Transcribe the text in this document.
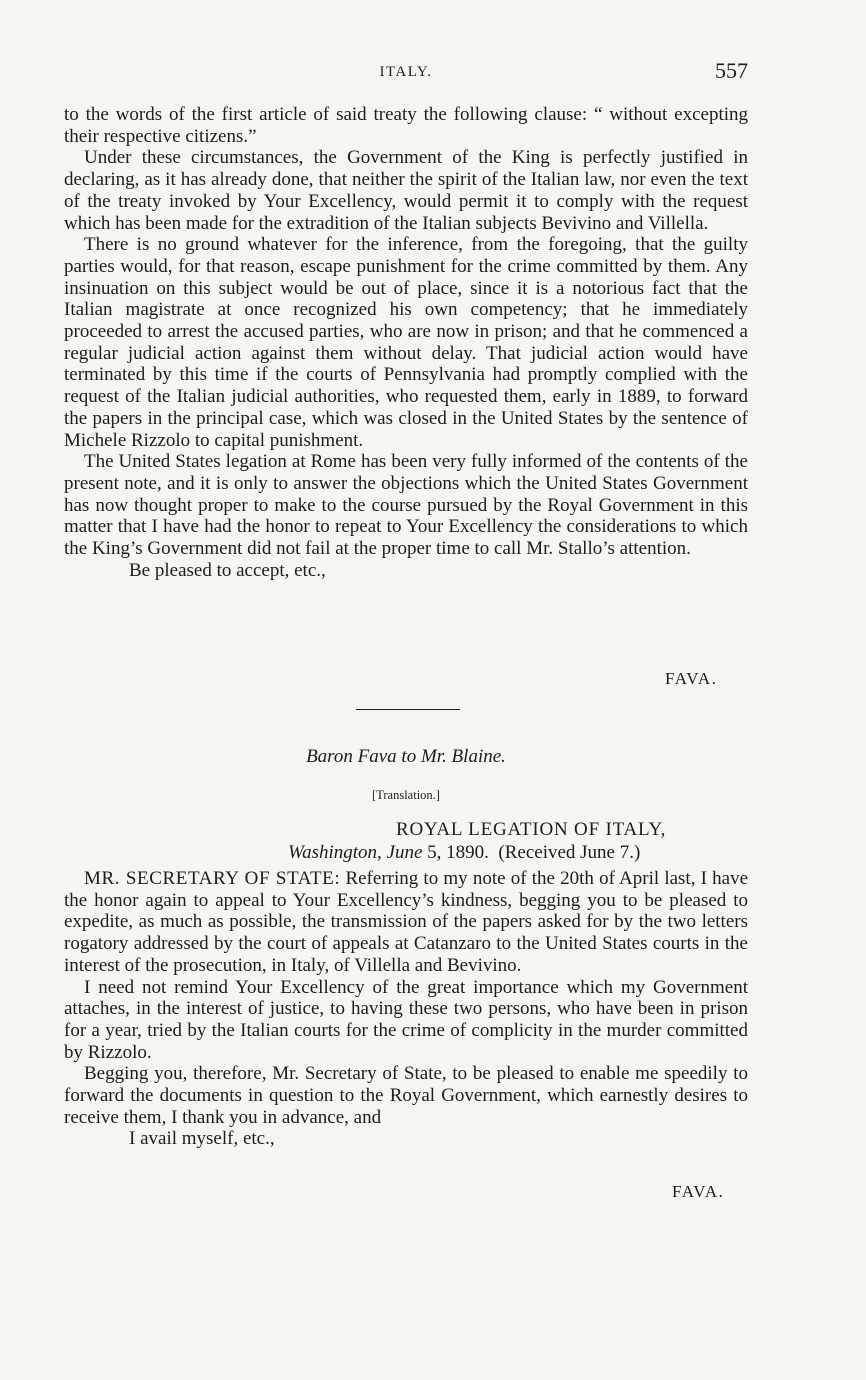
ITALY.	557

to the words of the first article of said treaty the following clause: “ without excepting their respective citizens.”

Under these circumstances, the Government of the King is perfectly justified in declaring, as it has already done, that neither the spirit of the Italian law, nor even the text of the treaty invoked by Your Excellency, would permit it to comply with the request which has been made for the extradition of the Italian subjects Bevivino and Villella.

There is no ground whatever for the inference, from the foregoing, that the guilty parties would, for that reason, escape punishment for the crime committed by them. Any insinuation on this subject would be out of place, since it is a notorious fact that the Italian magistrate at once recognized his own competency; that he immediately proceeded to arrest the accused parties, who are now in prison; and that he commenced a regular judicial action against them without delay. That judicial action would have terminated by this time if the courts of Pennsylvania had promptly complied with the request of the Italian judicial authorities, who requested them, early in 1889, to forward the papers in the principal case, which was closed in the United States by the sentence of Michele Rizzolo to capital punishment.

The United States legation at Rome has been very fully informed of the contents of the present note, and it is only to answer the objections which the United States Government has now thought proper to make to the course pursued by the Royal Government in this matter that I have had the honor to repeat to Your Excellency the considerations to which the King’s Government did not fail at the proper time to call Mr. Stallo’s attention.

Be pleased to accept, etc.,

FAVA.
Baron Fava to Mr. Blaine.
[Translation.]
ROYAL LEGATION OF ITALY,
Washington, June 5, 1890. (Received June 7.)

MR. SECRETARY OF STATE: Referring to my note of the 20th of April last, I have the honor again to appeal to Your Excellency’s kindness, begging you to be pleased to expedite, as much as possible, the transmission of the papers asked for by the two letters rogatory addressed by the court of appeals at Catanzaro to the United States courts in the interest of the prosecution, in Italy, of Villella and Bevivino.

I need not remind Your Excellency of the great importance which my Government attaches, in the interest of justice, to having these two persons, who have been in prison for a year, tried by the Italian courts for the crime of complicity in the murder committed by Rizzolo.

Begging you, therefore, Mr. Secretary of State, to be pleased to enable me speedily to forward the documents in question to the Royal Government, which earnestly desires to receive them, I thank you in advance, and

I avail myself, etc.,

FAVA.
